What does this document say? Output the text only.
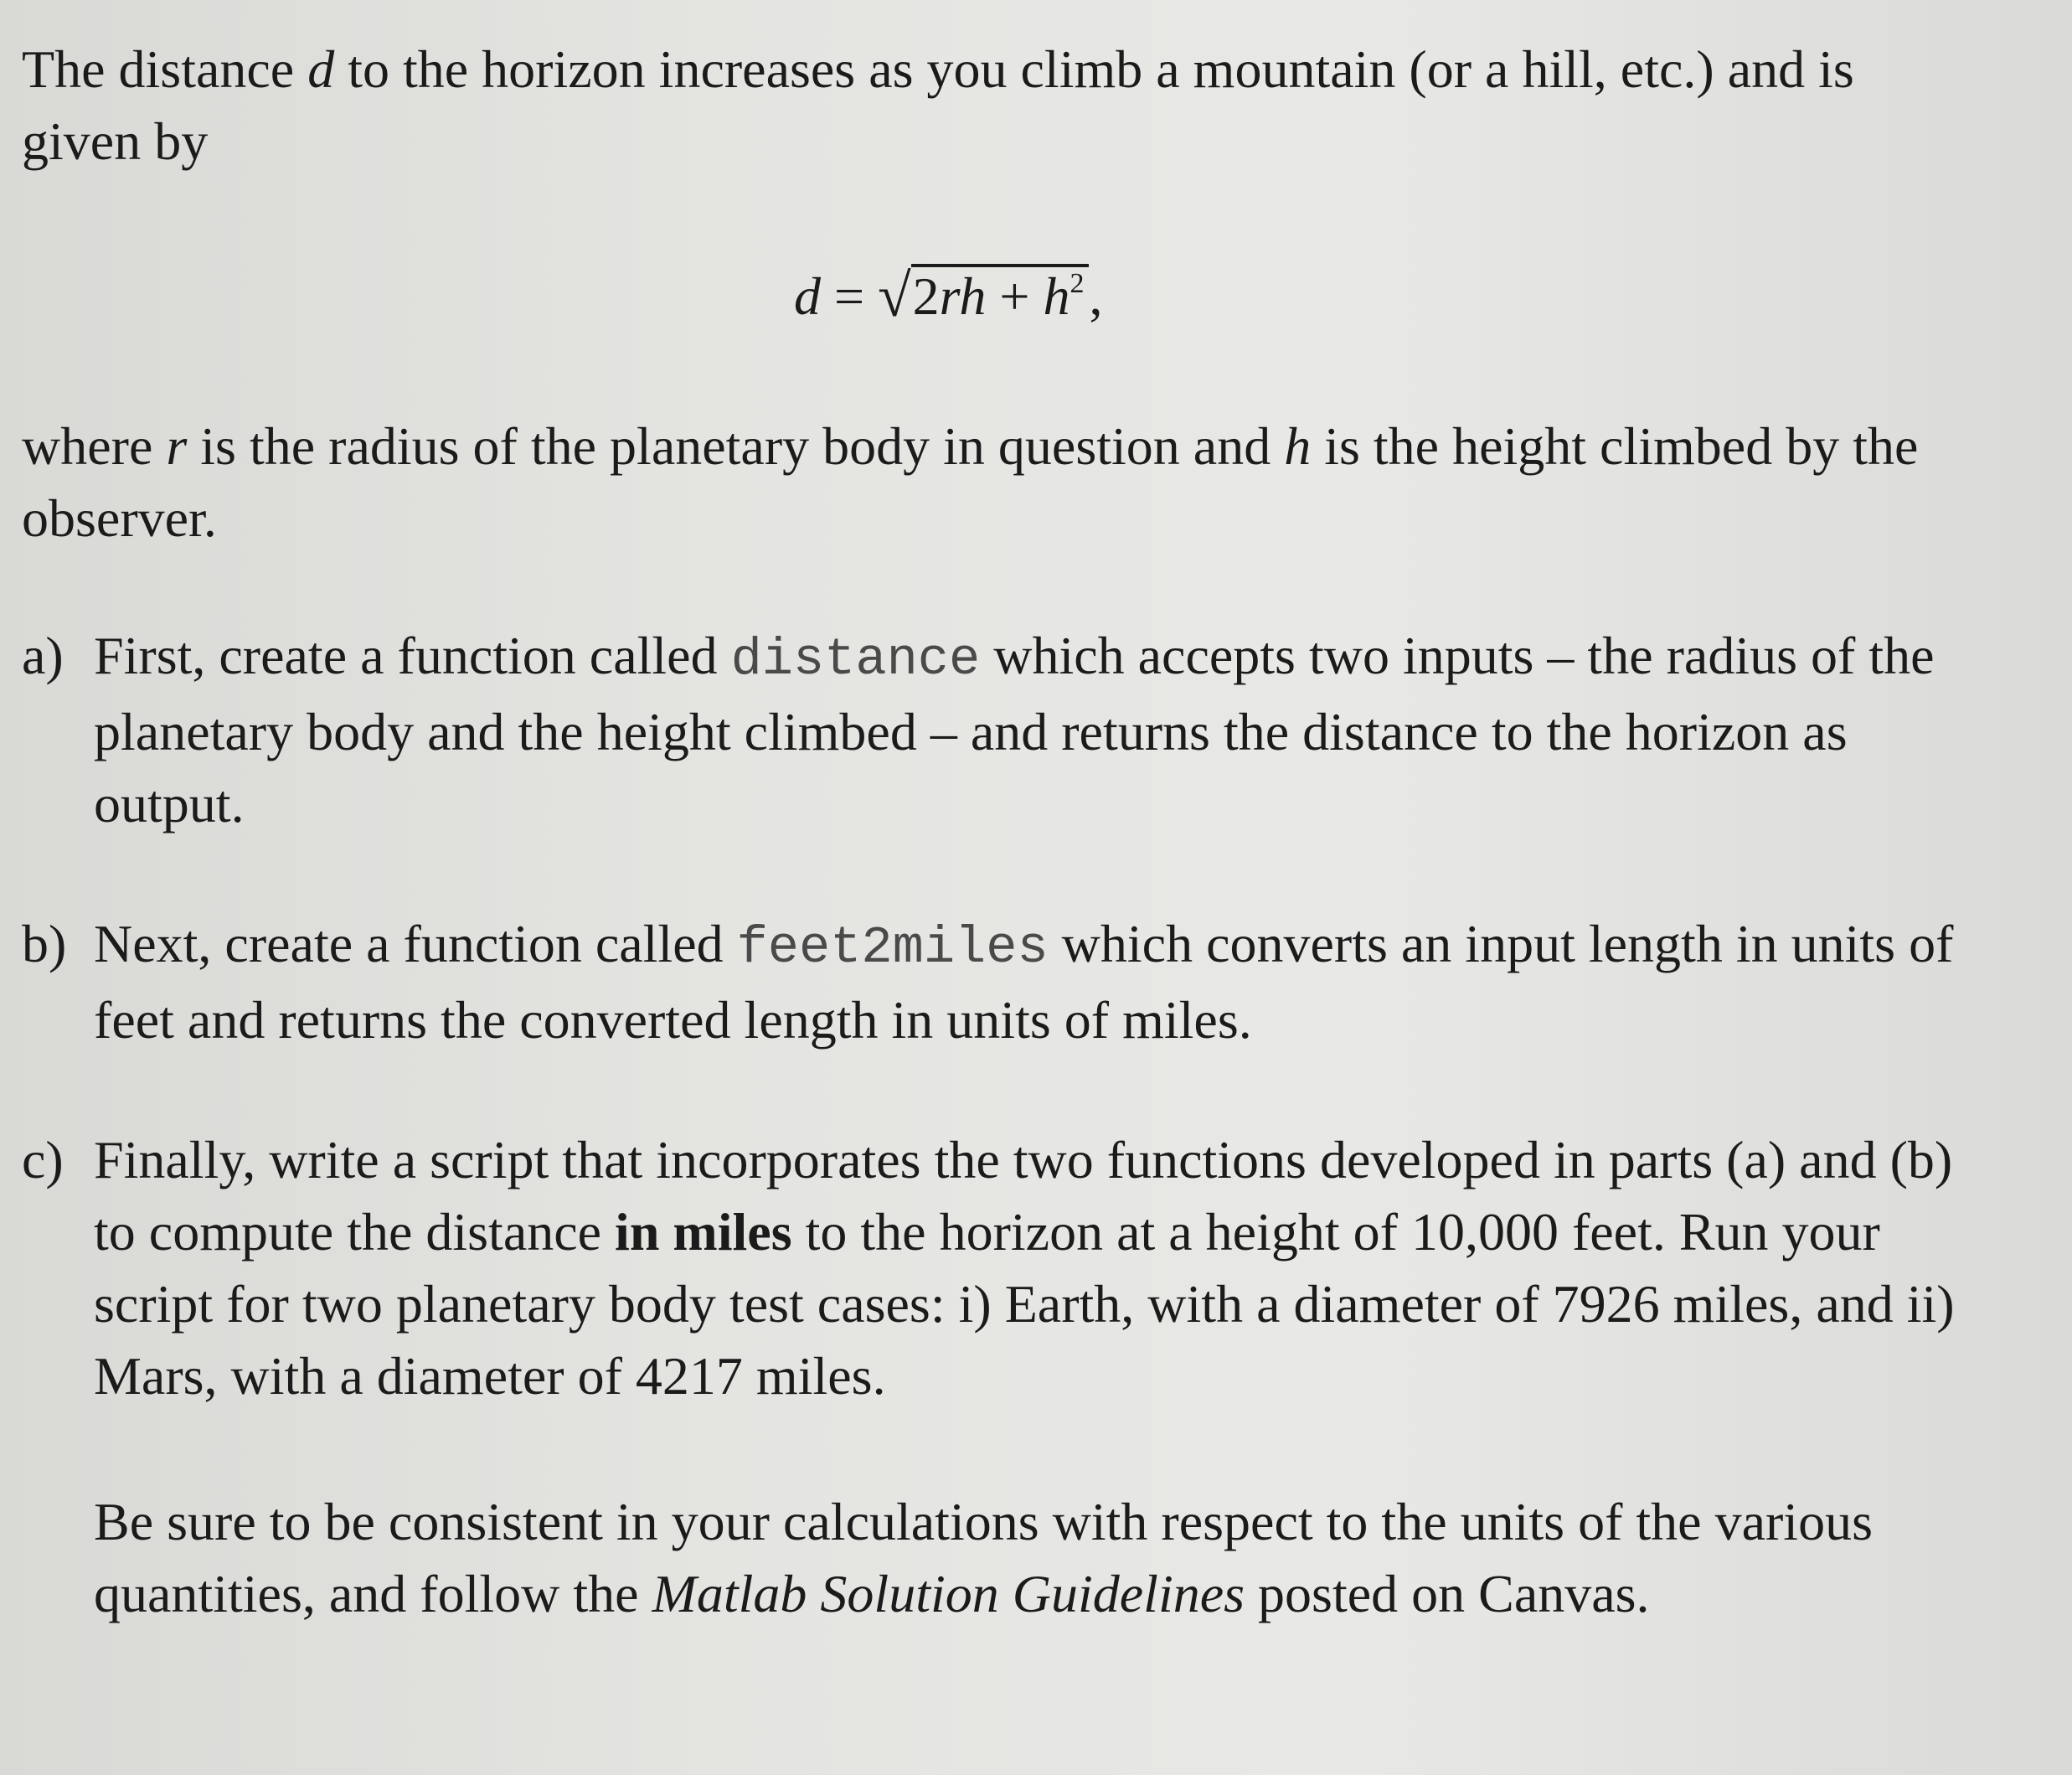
The distance d to the horizon increases as you climb a mountain (or a hill, etc.) and is given by

$d = √2rh + h^2$,

where r is the radius of the planetary body in question and h is the height climbed by the observer.

a) First, create a function called distance which accepts two inputs – the radius of the planetary body and the height climbed – and returns the distance to the horizon as output.
b) Next, create a function called feet2miles which converts an input length in units of feet and returns the converted length in units of miles.
c) Finally, write a script that incorporates the two functions developed in parts (a) and (b) to compute the distance in miles to the horizon at a height of 10,000 feet. Run your script for two planetary body test cases: i) Earth, with a diameter of 7926 miles, and ii) Mars, with a diameter of 4217 miles.
Be sure to be consistent in your calculations with respect to the units of the various quantities, and follow the Matlab Solution Guidelines posted on Canvas.
